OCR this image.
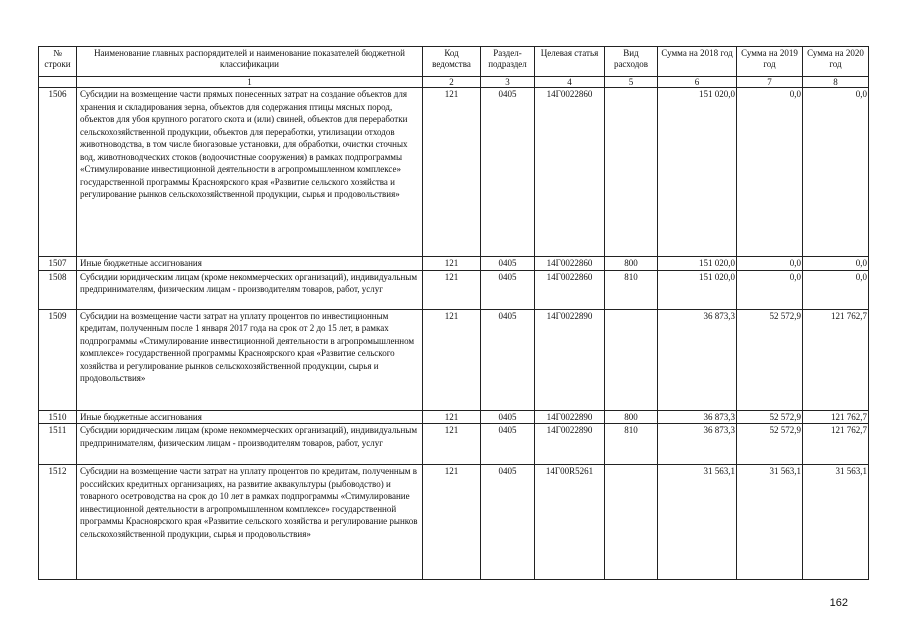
№ строки	Наименование главных распорядителей и наименование показателей бюджетной классификации	Код ведомства	Раздел-подраздел	Целевая статья	Вид расходов	Сумма на 2018 год	Сумма на 2019 год	Сумма на 2020 год
	1	2	3	4	5	6	7	8
1506	Субсидии на возмещение части прямых понесенных затрат на создание объектов для хранения и складирования зерна, объектов для содержания птицы мясных пород, объектов для убоя крупного рогатого скота и (или) свиней, объектов для переработки сельскохозяйственной продукции, объектов для переработки, утилизации отходов животноводства, в том числе биогазовые установки, для обработки, очистки сточных вод, животноводческих стоков (водоочистные сооружения) в рамках подпрограммы «Стимулирование инвестиционной деятельности в агропромышленном комплексе» государственной программы Красноярского края «Развитие сельского хозяйства и регулирование рынков сельскохозяйственной продукции, сырья и продовольствия»	121	0405	14Г0022860		151 020,0	0,0	0,0
1507	Иные бюджетные ассигнования	121	0405	14Г0022860	800	151 020,0	0,0	0,0
1508	Субсидии юридическим лицам (кроме некоммерческих организаций), индивидуальным предпринимателям, физическим лицам - производителям товаров, работ, услуг	121	0405	14Г0022860	810	151 020,0	0,0	0,0
1509	Субсидии на возмещение части затрат на уплату процентов по инвестиционным кредитам, полученным после 1 января 2017 года на срок от 2 до 15 лет, в рамках подпрограммы «Стимулирование инвестиционной деятельности в агропромышленном комплексе» государственной программы Красноярского края «Развитие сельского хозяйства и регулирование рынков сельскохозяйственной продукции, сырья и продовольствия»	121	0405	14Г0022890		36 873,3	52 572,9	121 762,7
1510	Иные бюджетные ассигнования	121	0405	14Г0022890	800	36 873,3	52 572,9	121 762,7
1511	Субсидии юридическим лицам (кроме некоммерческих организаций), индивидуальным предпринимателям, физическим лицам - производителям товаров, работ, услуг	121	0405	14Г0022890	810	36 873,3	52 572,9	121 762,7
1512	Субсидии на возмещение части затрат на уплату процентов по кредитам, полученным в российских кредитных организациях, на развитие аквакультуры (рыбоводство) и товарного осетроводства на срок до 10 лет в рамках подпрограммы «Стимулирование инвестиционной деятельности в агропромышленном комплексе» государственной программы Красноярского края «Развитие сельского хозяйства и регулирование рынков сельскохозяйственной продукции, сырья и продовольствия»	121	0405	14Г00R5261		31 563,1	31 563,1	31 563,1
162
